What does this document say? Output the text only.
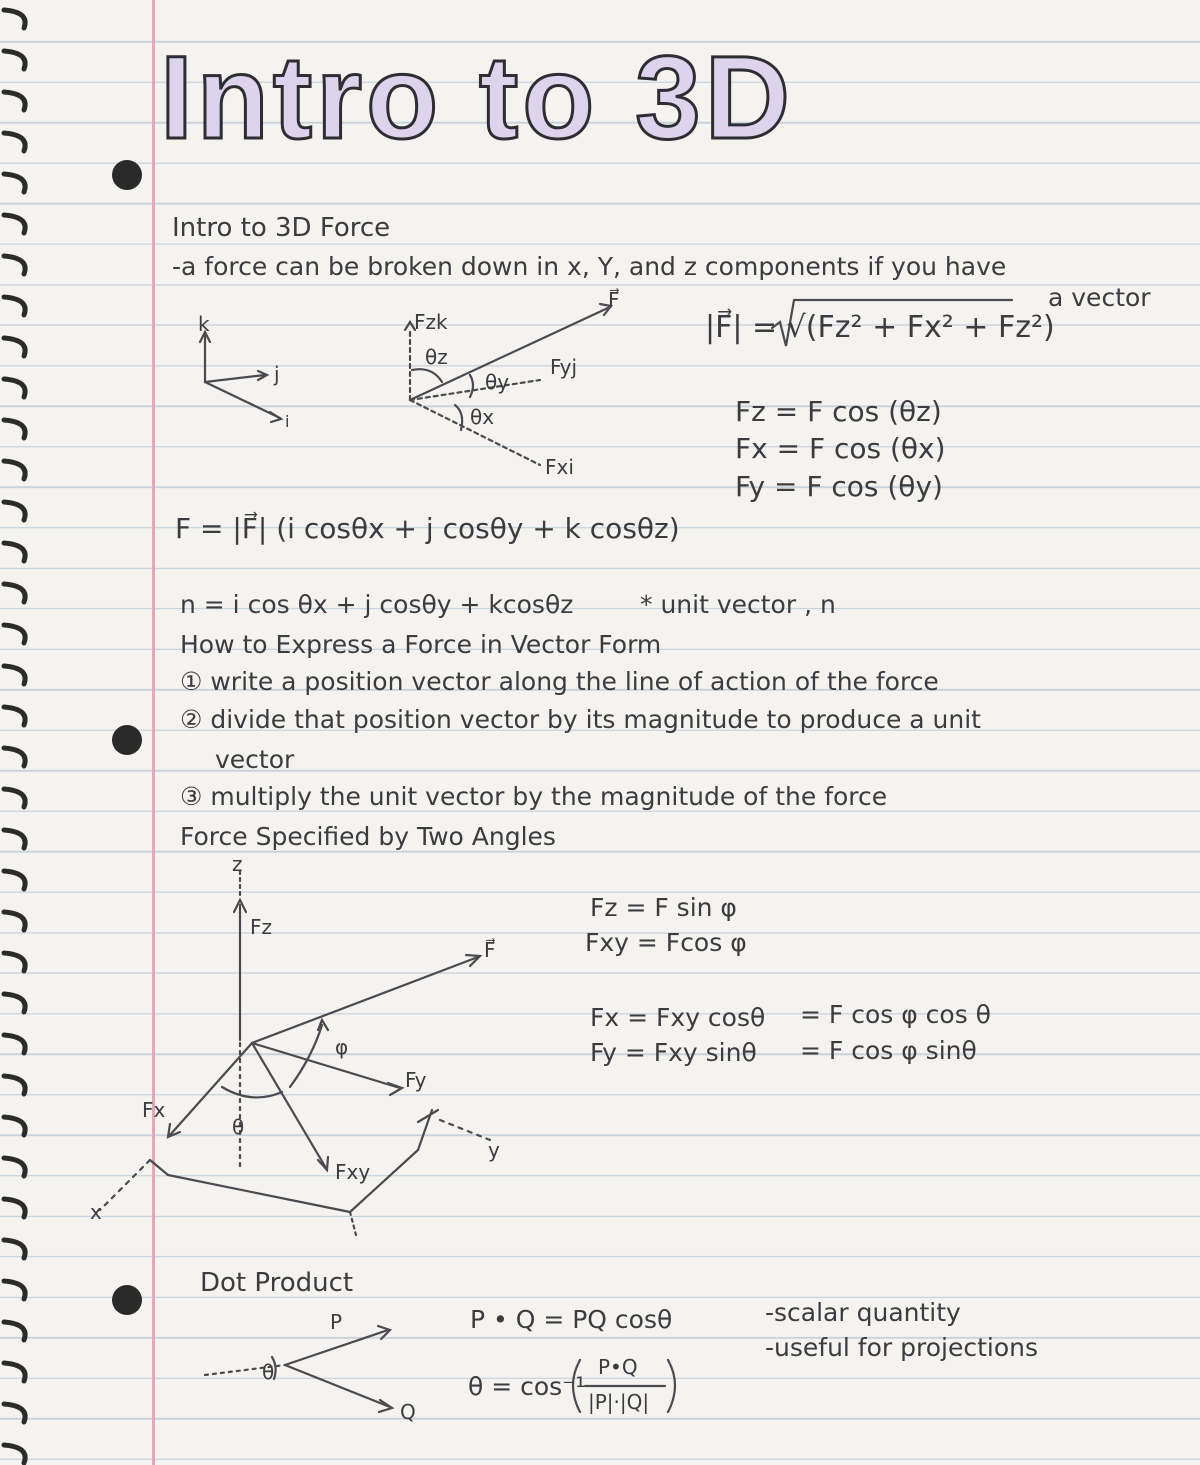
Intro to 3D
Intro to 3D Force
-a force can be broken down in x, Y, and z components if you have
a vector
k
j
i
F⃗
Fzk
θz
θy
θx
Fyj
Fxi
|F⃗| = √(Fz² + Fx² + Fz²)
Fz = F cos (θz)
Fx = F cos (θx)
Fy = F cos (θy)
F = |F⃗| (i cosθx + j cosθy + k cosθz)
n = i cos θx + j cosθy + kcosθz	* unit vector , n
How to Express a Force in Vector Form
① write a position vector along the line of action of the force
② divide that position vector by its magnitude to produce a unit
vector
③ multiply the unit vector by the magnitude of the force
Force Specified by Two Angles
z
Fz
F⃗
φ
Fy
Fx
θ
Fxy
y
x
Fz = F sin φ
Fxy = Fcos φ
Fx = Fxy cosθ = F cos φ cos θ
Fy = Fxy sinθ = F cos φ sinθ
Dot Product
P
Q
θ
P • Q = PQ cosθ
θ = cos⁻¹
P•Q
|P|·|Q|
-scalar quantity
-useful for projections
